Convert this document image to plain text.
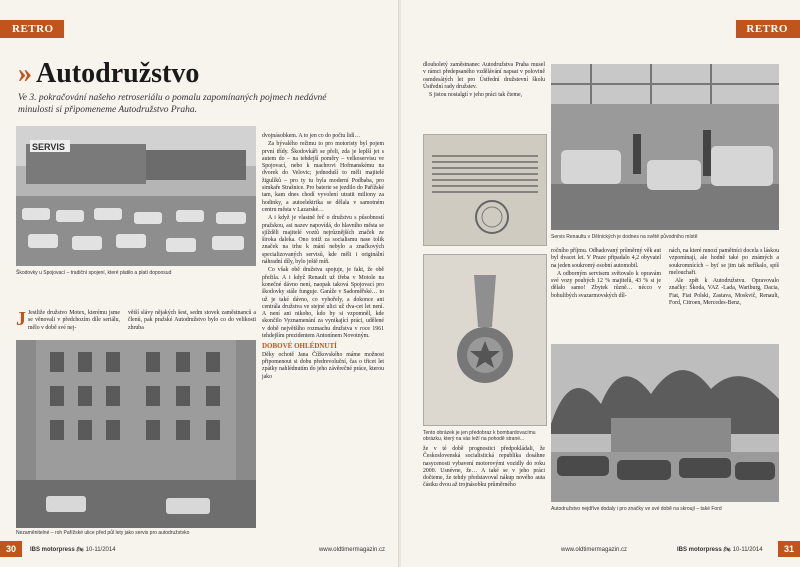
RETRO
» Autodružstvo
Ve 3. pokračování našeho retroseriálu o pomalu zapomínaných pojmech nedávné minulosti si připomeneme Autodružstvo Praha.
SERVIS
Škodovky u Spojovací – tradiční spojení, které platilo a platí dopoosud
J Jestliže družstvo Motex, kterému jsme se věnovali v předchozím díle seriálu, mělo v době své nej-
větší slávy nějakých šest, sedm stovek zaměstnanců a členů, pak pražské Autodružstvo bylo co do velikosti zhruba
Nezaměnitelné – roh Pařížské ulice před půl lety jako servis pro autodružstvko

dvojnásobkem. A to jen co do počtu lidí…

Za bývalého režimu to pro motoristy byl pojem první třídy. Škodovkáři se přeli, zda je leplší jet s autem do – na tehdejší poměry – velkoservisu ve Spojovací, nebo k machrovi Hofmanskému na dvorek do Velovic; jednoduší to měli majitelé žigulíků – pro ty tu byla moderní Podbaba, pro simkaře Strašnice. Pro baterie se jezdilo do Pařížské tam, kam dnes chodí vyvolení utratit miliony za hodinky, a autoelektrika se dělala v samotném centru města v Lazarské…

A i když je vlastně řeč o družstvu s působností pražskou, asi nazev napovídá, do hlavního města se sjížděli majitelé voztů nejrůznějších značek ze široka daleka. Ono totiž za socialismu nase tolik značek na trhu k mání nebylo a značkových specializovaných servisů, kde měli i originální náhradní díly, bylo ještě míň.

Co však obě družstva spojuje, je fakt, že obě přežila. A i když Renault už třeba v Motole na konečné dávno není, naopak taková Spojovací pro škodovky stále funguje. Garáže v Sadoměřské… to už je také dávno, co vyhořely, a dokonce ani centrála družstva ve stejné ulici už dva-cet let není. A není ani nikoho, kdo by si vzpomněl, kde skončilo Vyznamenání za vynikající práci, udělené v době největšího rozmachu družstva v roce 1961 tehdejším prezidentem Antonínem Novotným.

DOBOVÉ OHLÉDNUTÍ

Děky ochotě Jana Čížkovského máme možnost připomenout si dobu předrevoluční, čas o třicet let zpátky nahlédnutím do jeho závěrečné práce, kterou jako

30	IBS motorpress 🏍 10-11/2014	www.oldtimermagazin.cz
RETRO

dlouholetý zaměstnanec Autodružstva Praha musel v rámci předepsaného vzdělávání napsat v polovině osmdesátých let pro Ústřední družstevní školu Ústřední rady družstev.

S jistou nostalgií v jeho práci tak čteme,

Tento obrázek je jen předobraz k bombardovacímu obrázku, který na vás leží na pohodě strané...
že v té době prognostici předpokládali, že Československá socialistická republika dosáhne nasycenosti vybavení motorovými vozidly do roku 2000. Usnévne, že… A také se v jeho práci dočteme, že tehdy představoval nákup nového auta částku dvou až trojnásobku průměrného
Servis Renaultu v Dělnických je dodnes na světě původního místě

ročního příjmu. Odhadovaný průměrný věk aut byl dvacet let. V Praze připadalo 4,2 obyvatel na jeden soukromý osobní automobil.

A odborným servisem světovalo k opravám své vozy pouhých 12 % majitelů, 43 % si je dělalo samo! Zbytek různě… nécco v bohulibých svazarmovských díl-

nách, na které mnozí pamětníci docela s láskou vzpomínají, ale hodně také po známých a soukromnících – byť se jim tak neříkalo, spíš melouchaři.

Ale zpět k Autodružstvu. Opravovalo značky: Škoda, VAZ -Lada, Wartburg, Dacia, Fiat, Fiat Polski, Zastava, Moskvič, Renault, Ford, Citroen, Mercedes-Benz,

Autodružstvo nejdříve dodaly i pro značky ve své době na skroují – také Ford
www.oldtimermagazin.cz	IBS motorpress 🏍 10-11/2014	31
